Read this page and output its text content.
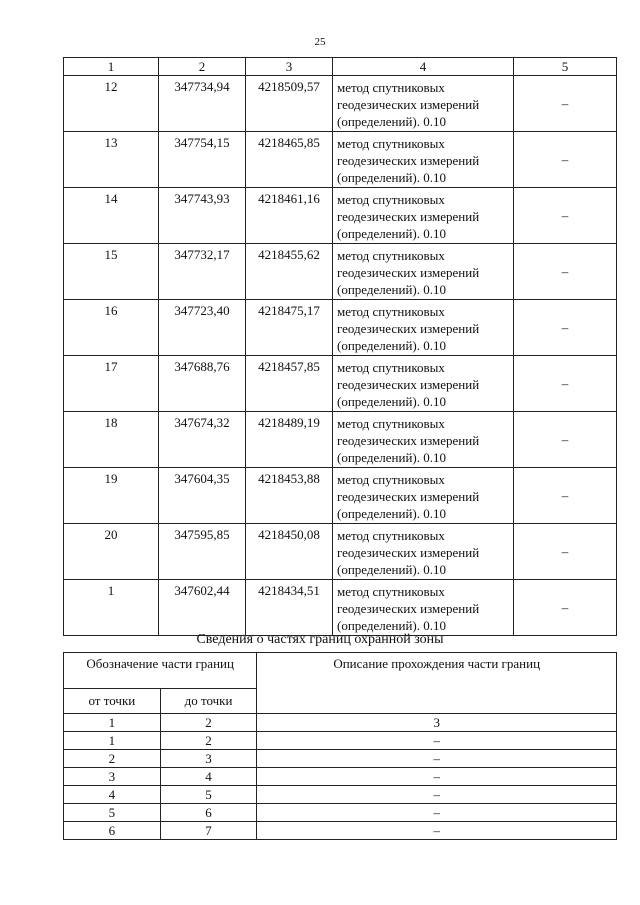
25
1	2	3	4	5
12	347734,94	4218509,57	метод спутниковых
геодезических измерений
(определений). 0.10	–
13	347754,15	4218465,85	метод спутниковых
геодезических измерений
(определений). 0.10	–
14	347743,93	4218461,16	метод спутниковых
геодезических измерений
(определений). 0.10	–
15	347732,17	4218455,62	метод спутниковых
геодезических измерений
(определений). 0.10	–
16	347723,40	4218475,17	метод спутниковых
геодезических измерений
(определений). 0.10	–
17	347688,76	4218457,85	метод спутниковых
геодезических измерений
(определений). 0.10	–
18	347674,32	4218489,19	метод спутниковых
геодезических измерений
(определений). 0.10	–
19	347604,35	4218453,88	метод спутниковых
геодезических измерений
(определений). 0.10	–
20	347595,85	4218450,08	метод спутниковых
геодезических измерений
(определений). 0.10	–
1	347602,44	4218434,51	метод спутниковых
геодезических измерений
(определений). 0.10	–
Сведения о частях границ охранной зоны
Обозначение части границ		Описание прохождения части границ
от точки	до точки	
1	2	3
1	2	–
2	3	–
3	4	–
4	5	–
5	6	–
6	7	–
